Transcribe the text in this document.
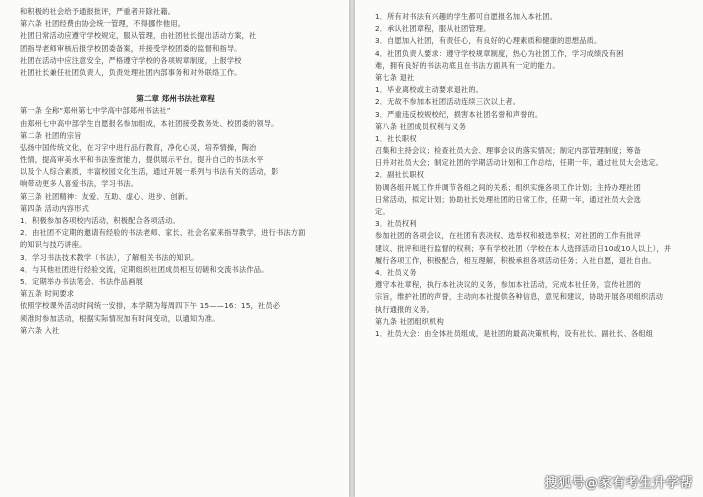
和积极的社会给予通报批评，严重者开除社籍。
第六条 社团经费由协会统一管理，不得挪作他用。
社团日常活动应遵守学校规定，服从管理，由社团社长提出活动方案，社
团指导老师审核后报学校团委备案，并接受学校团委的监督和指导。
社团在活动中应注意安全，严格遵守学校的各项规章制度，上报学校
社团社长兼任社团负责人，负责处理社团内部事务和对外联络工作。
第二章 郑州书法社章程
第一条 全称“郑州第七中学高中部郑州书法社”
由郑州七中高中部学生自愿报名参加组成，本社团接受教务处、校团委的领导。
第二条 社团的宗旨
弘扬中国传统文化，在习字中进行品行教育，净化心灵，培养情操，陶冶
性情，提高审美水平和书法鉴赏能力，提供展示平台，提升自己的书法水平
以及个人综合素质，丰富校园文化生活，通过开展一系列与书法有关的活动，影
响带动更多人喜爱书法，学习书法。
第三条 社团精神：友爱、互助、虚心、进步、创新。
第四条 活动内容形式
1．积极参加各项校内活动，积极配合各项活动。
2．由社团不定期的邀请有经验的书法老师、家长、社会名家来指导教学，进行书法方面
的知识与技巧讲座。
3．学习书法技术教学（书法），了解相关书法的知识。
4．与其他社团进行经验交流，定期组织社团成员相互切磋和交流书法作品。
5．定期举办书法笔会、书法作品画展
第五条 时间要求
依照学校课外活动时间统一安排，本学期为每周四下午 15——16：15，社员必
须准时参加活动，根据实际情况加有时间变动，以通知为准。
第六条 入社
1．所有对书法有兴趣的学生都可自愿报名加入本社团。
2．承认社团章程，服从社团管理。
3．自愿加入社团，有责任心，有良好的心理素质和健康的思想品质。
4．社团负责人要求：遵守学校规章制度，热心为社团工作，学习成绩没有困
难，拥有良好的书法功底且在书法方面具有一定的能力。
第七条 退社
1．毕业离校或主动要求退社的。
2．无故不参加本社团活动连续三次以上者。
3．严重违反校规校纪，损害本社团名誉和声誉的。
第八条 社团成员权利与义务
1．社长职权
召集和主持会议；检查社员大会、理事会议的落实情况；制定内部管理制度；筹备
日并对社员大会；制定社团的学期活动计划和工作总结，任期一年，通过社员大会选定。
2．副社长职权
协调各组开展工作并调节各组之间的关系；组织实施各项工作计划；主持办理社团
日常活动，拟定计划；协助社长处理社团的日常工作，任期一年，通过社员大会选
定。
3．社员权利
参加社团的各项会议，在社团有表决权、选举权和被选举权；对社团的工作有批评
建议、批评和进行监督的权利；享有学校社团（学校在本人选择活动日10或10人以上），并
履行各项工作，积极配合，相互理解，积极承担各项活动任务；入社自愿，退社自由。
4．社员义务
遵守本社章程，执行本社决议的义务，参加本社活动，完成本社任务，宣传社团的
宗旨，维护社团的声誉，主动向本社提供各种信息，意见和建议，协助开展各项组织活动
执行通报的义务。
第九条 社团组织机构
1．社员大会：由全体社员组成，是社团的最高决策机构，设有社长、副社长、各组组
搜狐号@家有考生升学帮
